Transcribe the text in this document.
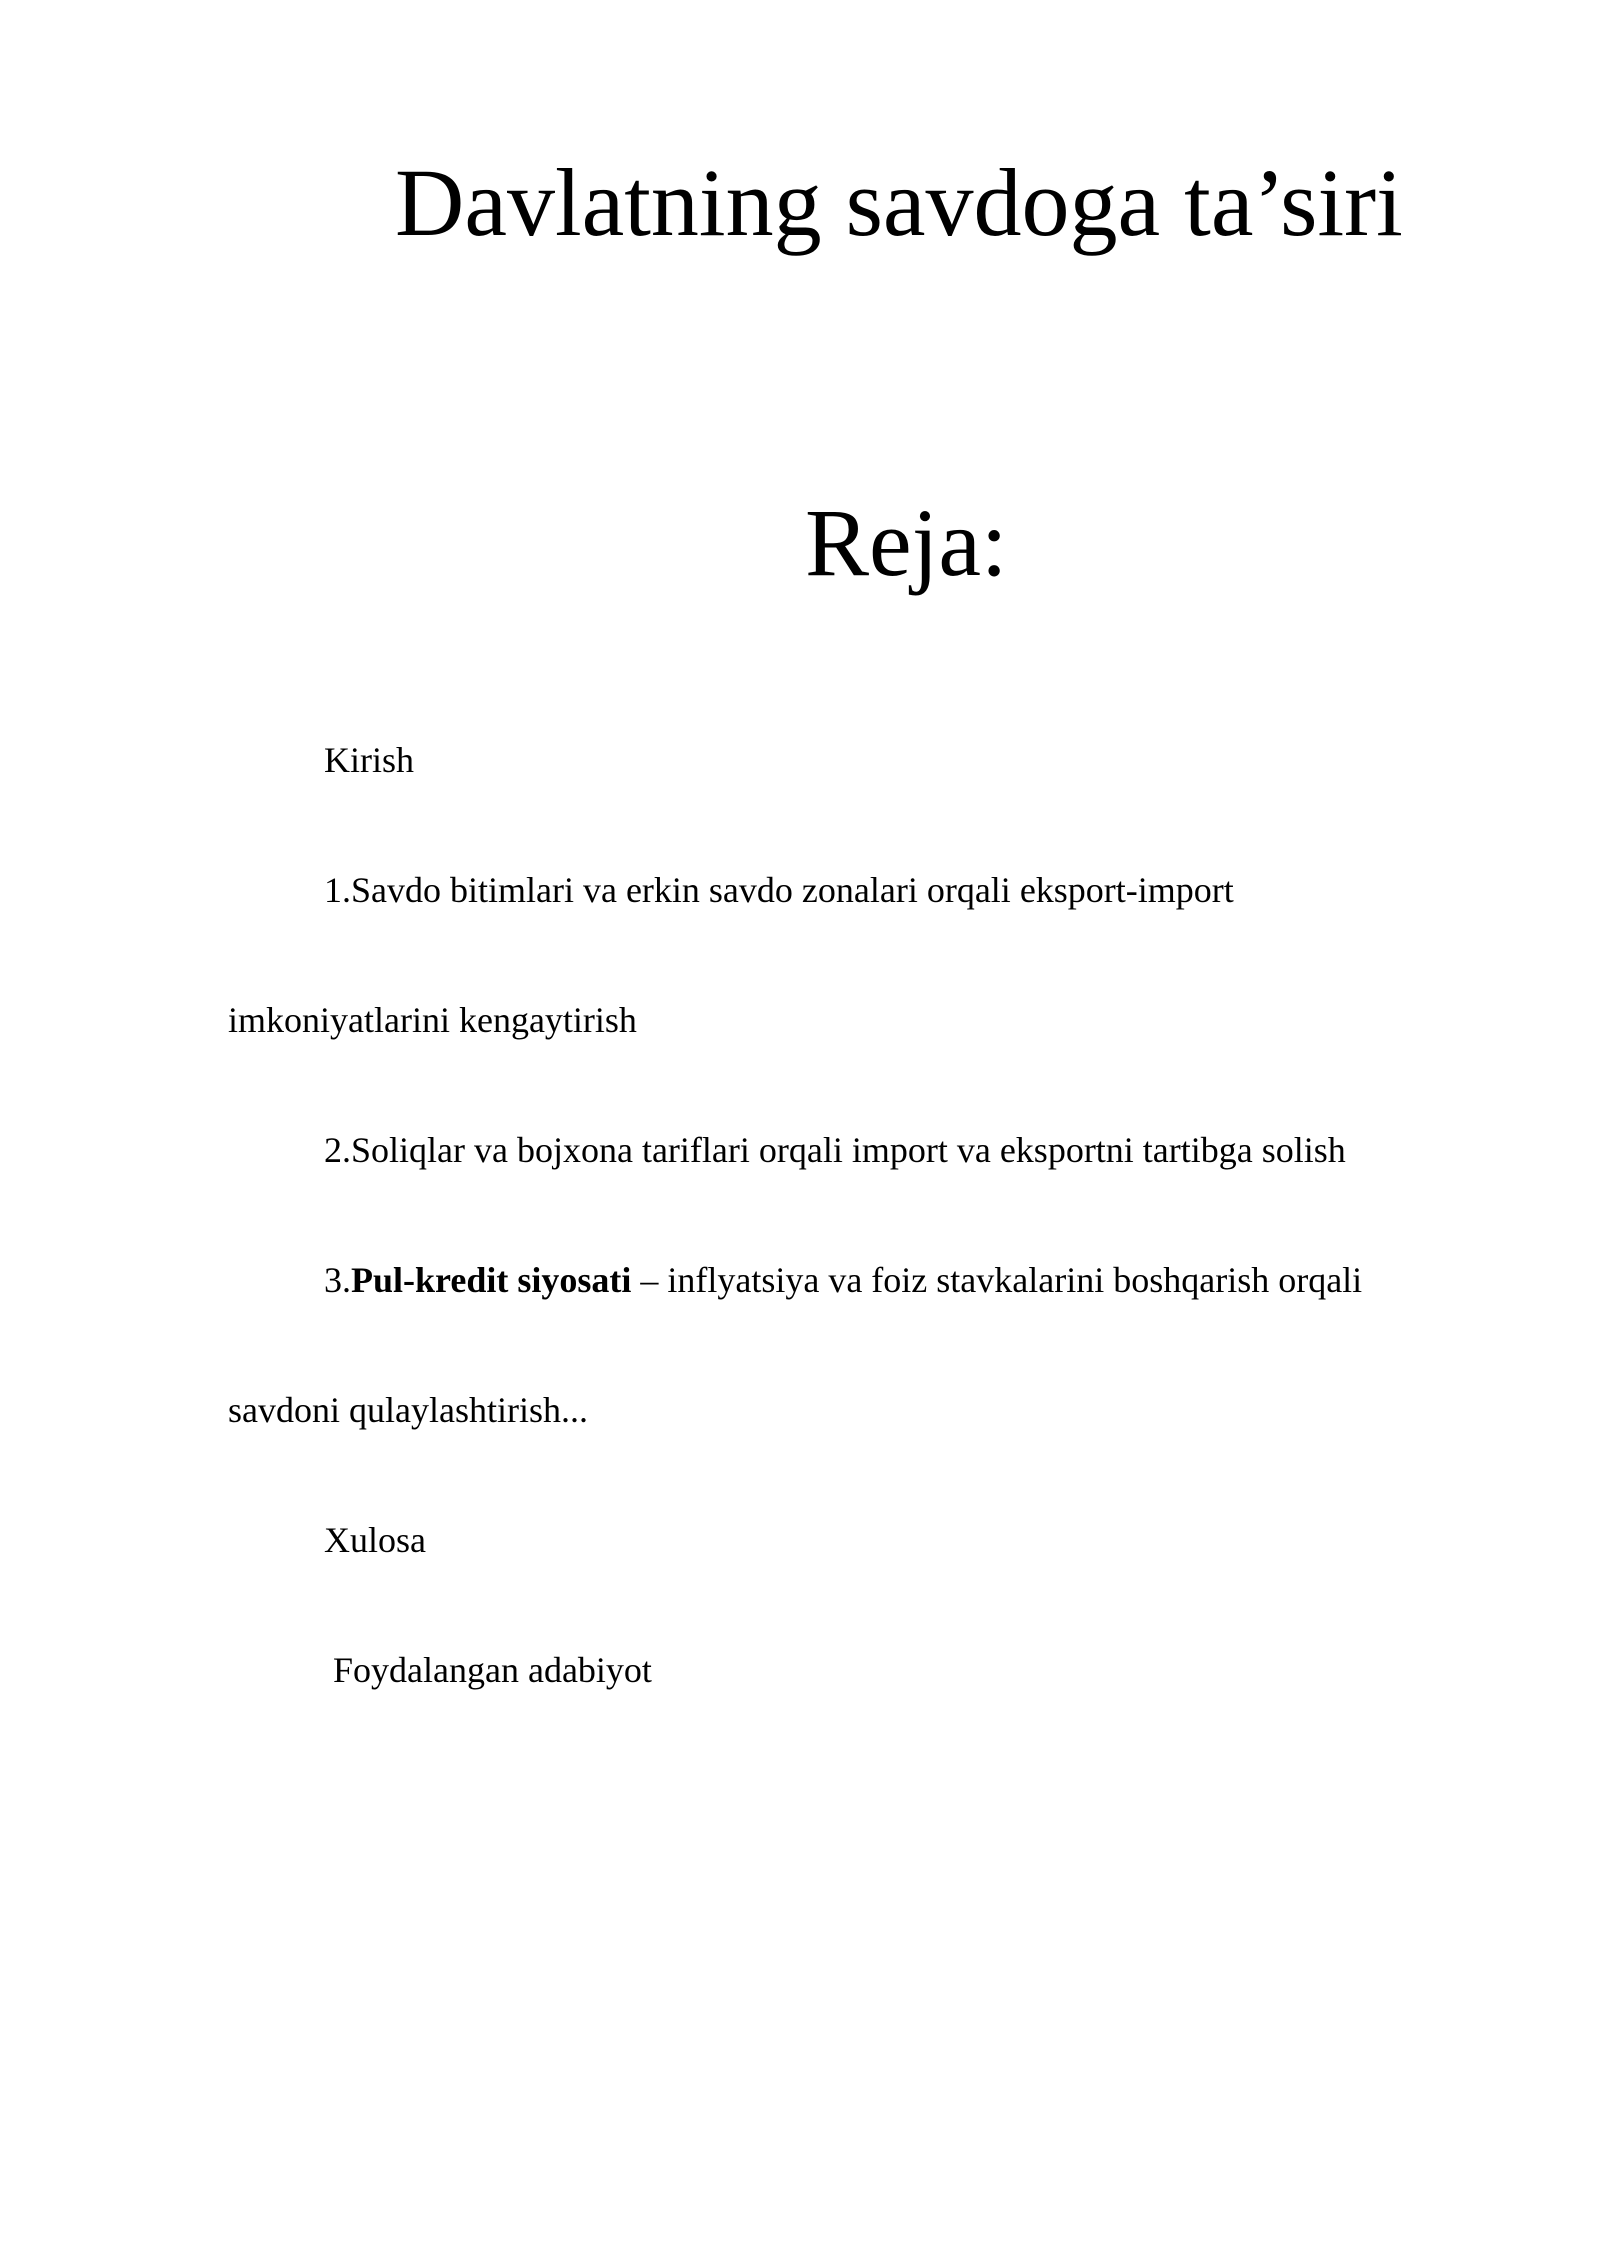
Davlatning savdoga ta’siri
Reja:

Kirish

1.Savdo bitimlari va erkin savdo zonalari orqali eksport-import

imkoniyatlarini kengaytirish

2.Soliqlar va bojxona tariflari orqali import va eksportni tartibga solish

3.Pul-kredit siyosati – inflyatsiya va foiz stavkalarini boshqarish orqali

savdoni qulaylashtirish...

Xulosa

Foydalangan adabiyot
